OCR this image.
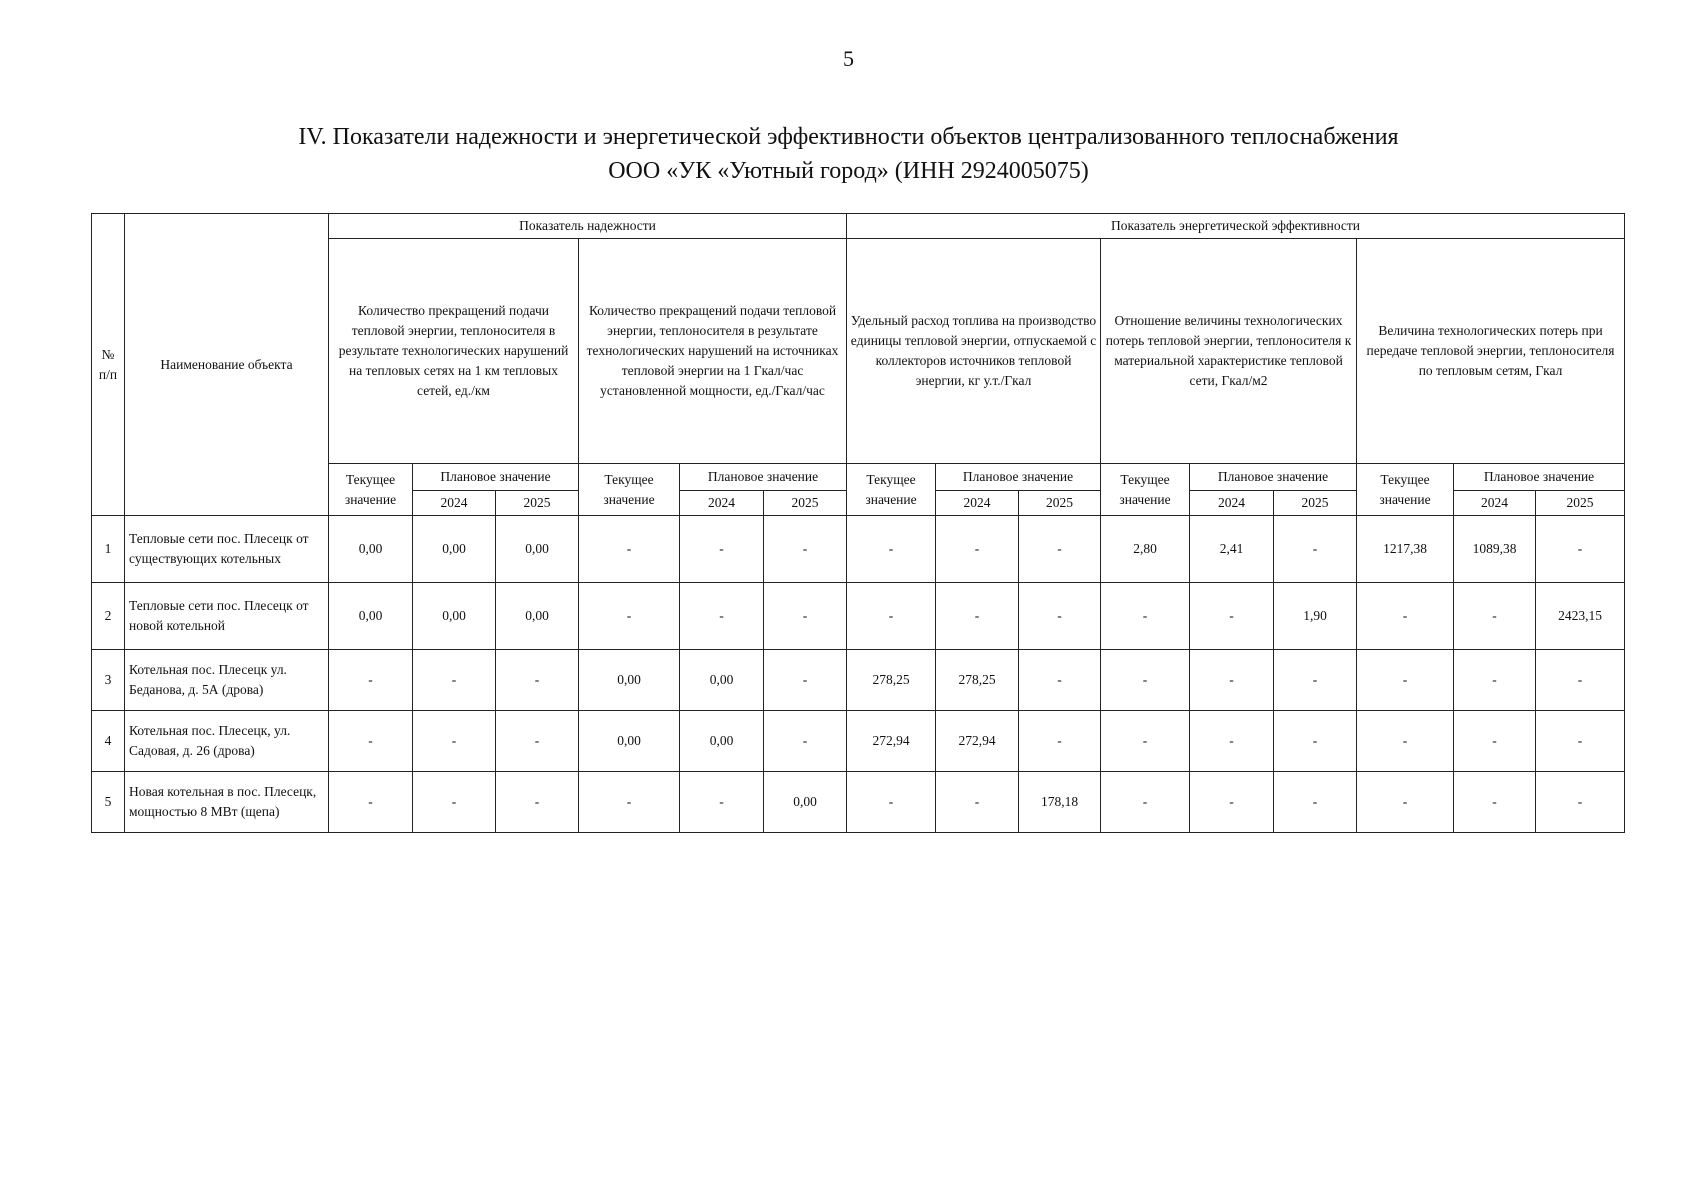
5
IV. Показатели надежности и энергетической эффективности объектов централизованного теплоснабжения
ООО «УК «Уютный город» (ИНН 2924005075)
№ п/п	Наименование объекта	Показатель надежности						Показатель энергетической эффективности								
		Количество прекращений подачи тепловой энергии, теплоносителя в результате технологических нарушений на тепловых сетях на 1 км тепловых сетей, ед./км			Количество прекращений подачи тепловой энергии, теплоносителя в результате технологических нарушений на источниках тепловой энергии на 1 Гкал/час установленной мощности, ед./Гкал/час			Удельный расход топлива на производство единицы тепловой энергии, отпускаемой с коллекторов источников тепловой энергии, кг у.т./Гкал			Отношение величины технологических потерь тепловой энергии, теплоносителя к материальной характеристике тепловой сети, Гкал/м2			Величина технологических потерь при передаче тепловой энергии, теплоносителя по тепловым сетям, Гкал		
		Текущее значение	Плановое значение		Текущее значение	Плановое значение		Текущее значение	Плановое значение		Текущее значение	Плановое значение		Текущее значение	Плановое значение	
			2024	2025		2024	2025		2024	2025		2024	2025		2024	2025
1	Тепловые сети пос. Плесецк от существующих котельных	0,00	0,00	0,00	-	-	-	-	-	-	2,80	2,41	-	1217,38	1089,38	-
2	Тепловые сети пос. Плесецк от новой котельной	0,00	0,00	0,00	-	-	-	-	-	-	-	-	1,90	-	-	2423,15
3	Котельная пос. Плесецк ул. Беданова, д. 5А (дрова)	-	-	-	0,00	0,00	-	278,25	278,25	-	-	-	-	-	-	-
4	Котельная пос. Плесецк, ул. Садовая, д. 26 (дрова)	-	-	-	0,00	0,00	-	272,94	272,94	-	-	-	-	-	-	-
5	Новая котельная в пос. Плесецк, мощностью 8 МВт (щепа)	-	-	-	-	-	0,00	-	-	178,18	-	-	-	-	-	-
